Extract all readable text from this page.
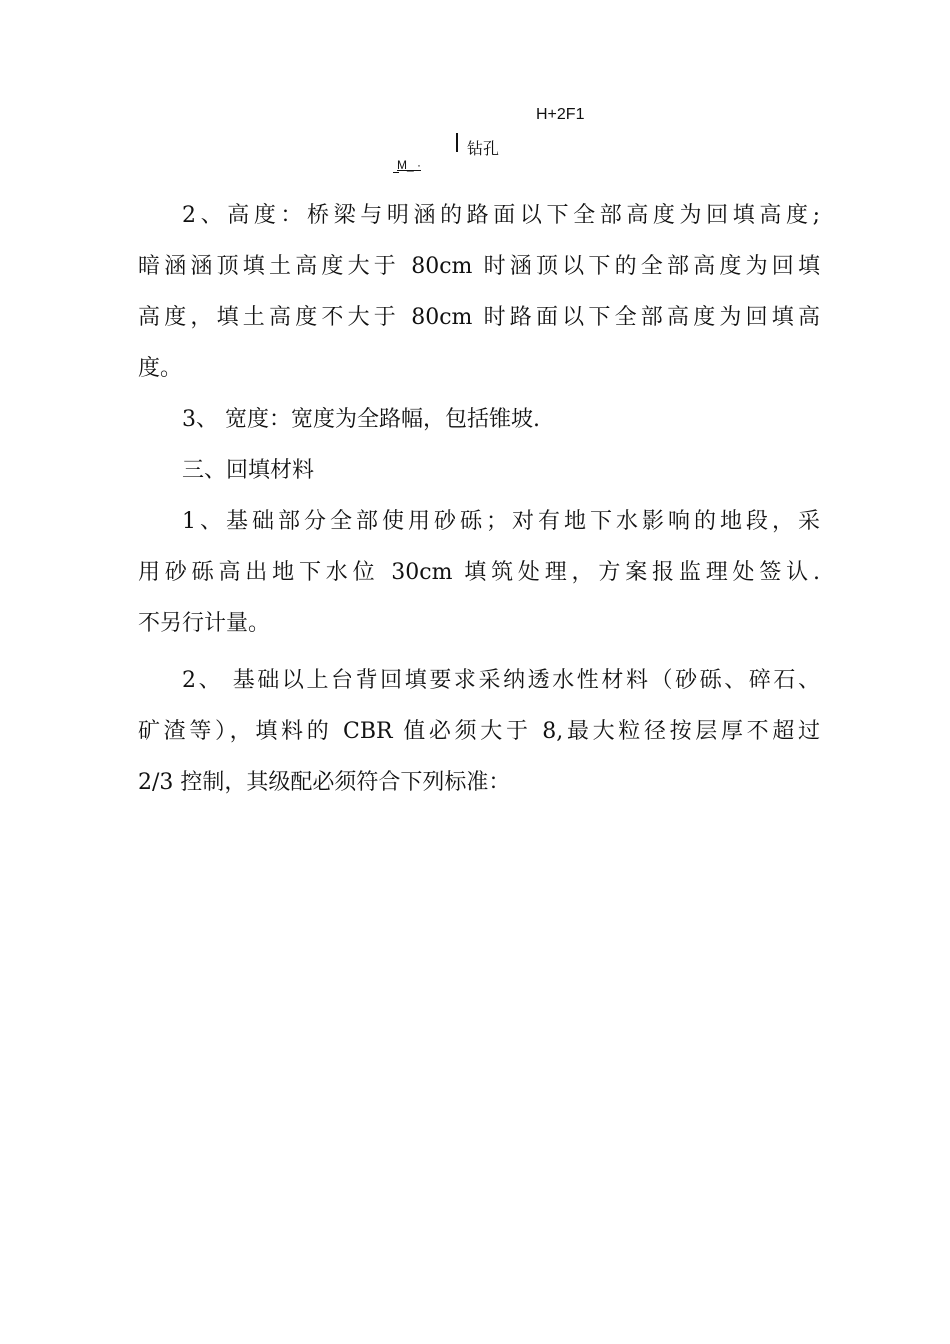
H+2F1
钻孔
M_ ·
2、高度：桥梁与明涵的路面以下全部高度为回填高度;
暗涵涵顶填土高度大于 80cm 时涵顶以下的全部高度为回填
高度，填土高度不大于 80cm 时路面以下全部高度为回填高
度。
3、 宽度：宽度为全路幅，包括锥坡.
三、回填材料
1、基础部分全部使用砂砾；对有地下水影响的地段，采
用砂砾高出地下水位 30cm 填筑处理，方案报监理处签认.
不另行计量。
2、 基础以上台背回填要求采纳透水性材料（砂砾、碎石、
矿渣等），填料的 CBR 值必须大于 8,最大粒径按层厚不超过
2/3 控制，其级配必须符合下列标准：
